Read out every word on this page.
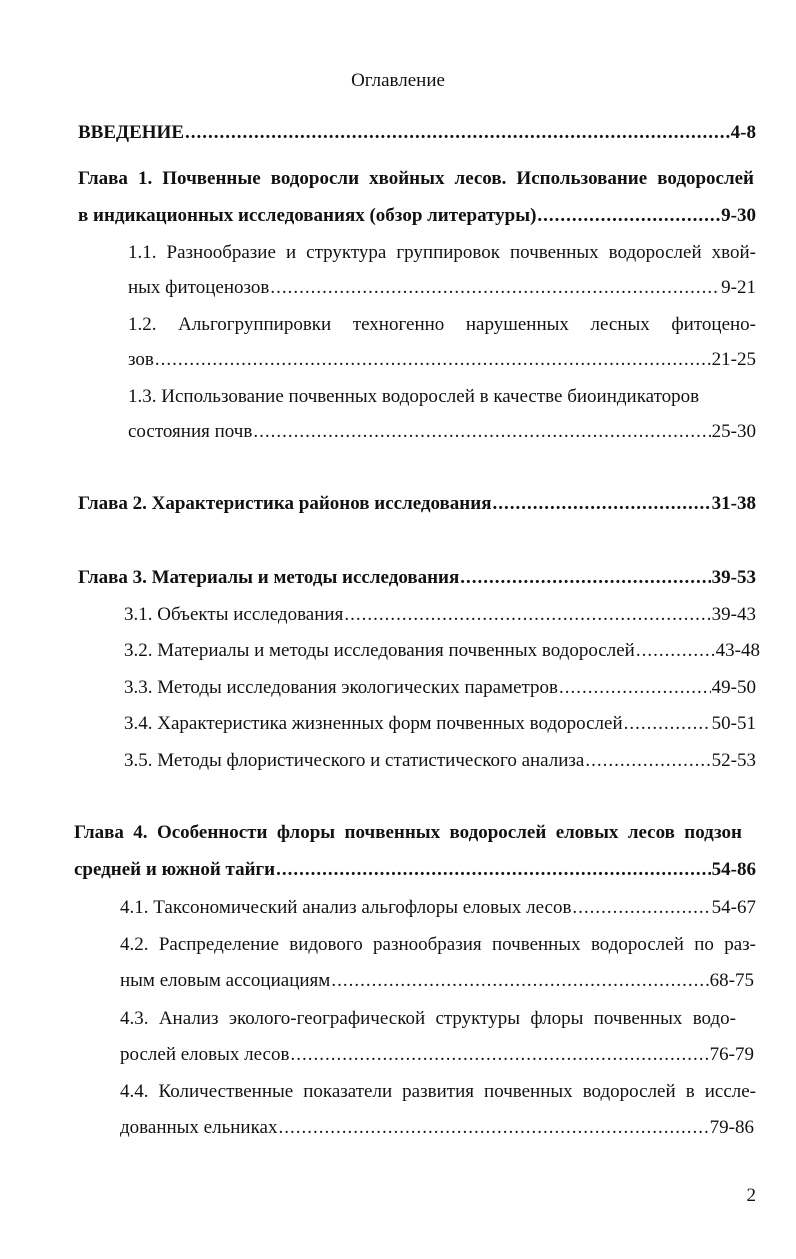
Оглавление
ВВЕДЕНИЕ .....	4-8
Глава 1. Почвенные водоросли хвойных лесов. Использование водорослей
в индикационных исследованиях (обзор литературы) .....	9-30
1.1. Разнообразие и структура группировок почвенных водорослей хвой-
ных фитоценозов .....	9-21
1.2. Альгогруппировки техногенно нарушенных лесных фитоцено-
зов .....	21-25
1.3. Использование почвенных водорослей в качестве биоиндикаторов
состояния почв .....	25-30
Глава 2. Характеристика районов исследования .....	31-38
Глава 3. Материалы и методы исследования .....	39-53
3.1. Объекты исследования .....	39-43
3.2. Материалы и методы исследования почвенных водорослей .....	43-48
3.3. Методы исследования экологических параметров .....	49-50
3.4. Характеристика жизненных форм почвенных водорослей .....	50-51
3.5. Методы флористического и статистического анализа .....	52-53
Глава 4. Особенности флоры почвенных водорослей еловых лесов подзон
средней и южной тайги .....	54-86
4.1. Таксономический анализ альгофлоры еловых лесов .....	54-67
4.2. Распределение видового разнообразия почвенных водорослей по раз-
ным еловым ассоциациям .....	68-75
4.3. Анализ эколого-географической структуры флоры почвенных водо-
рослей еловых лесов .....	76-79
4.4. Количественные показатели развития почвенных водорослей в иссле-
дованных ельниках .....	79-86
2
